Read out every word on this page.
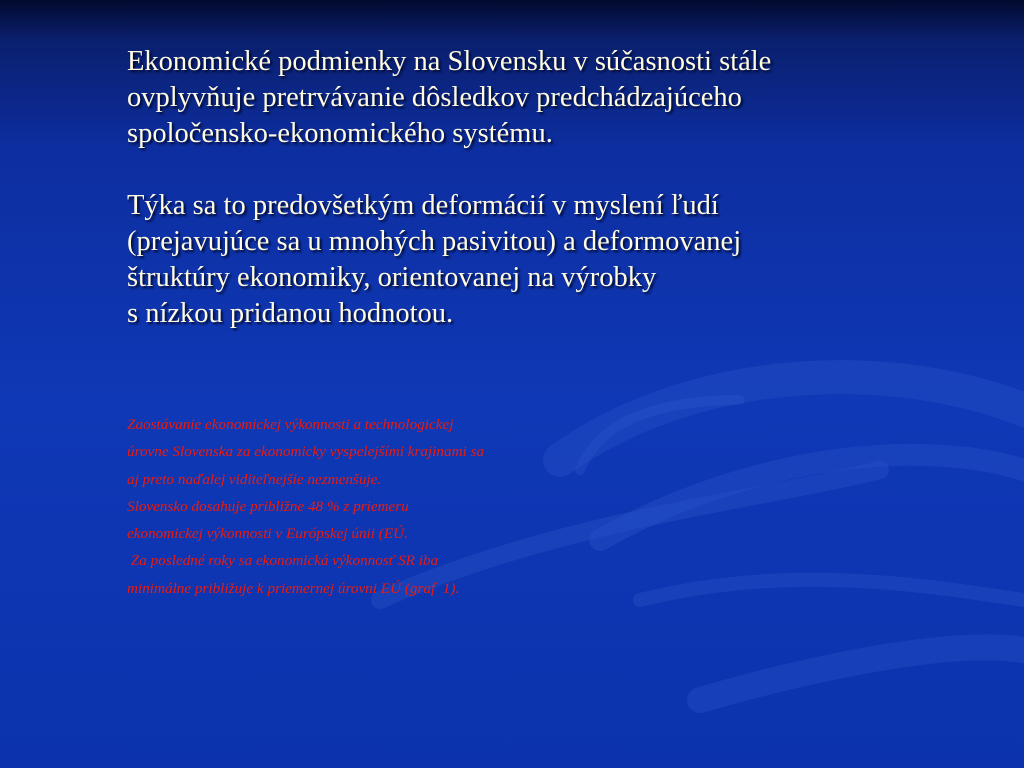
Ekonomické podmienky na Slovensku v súčasnosti stále
ovplyvňuje pretrvávanie dôsledkov predchádzajúceho
spoločensko-ekonomického systému.

Týka sa to predovšetkým deformácií v myslení ľudí
(prejavujúce sa u mnohých pasivitou) a deformovanej
štruktúry ekonomiky, orientovanej na výrobky
s nízkou pridanou hodnotou.

Zaostávanie ekonomickej výkonnosti a technologickej
úrovne Slovenska za ekonomicky vyspelejšími krajinami sa
aj preto naďalej viditeľnejšie nezmenšuje.
Slovensko dosahuje približne 48 % z priemeru
ekonomickej výkonnosti v Európskej únii (EÚ.
Za posledné roky sa ekonomická výkonnosť SR iba
minimálne približuje k priemernej úrovni EÚ (graf  1).
